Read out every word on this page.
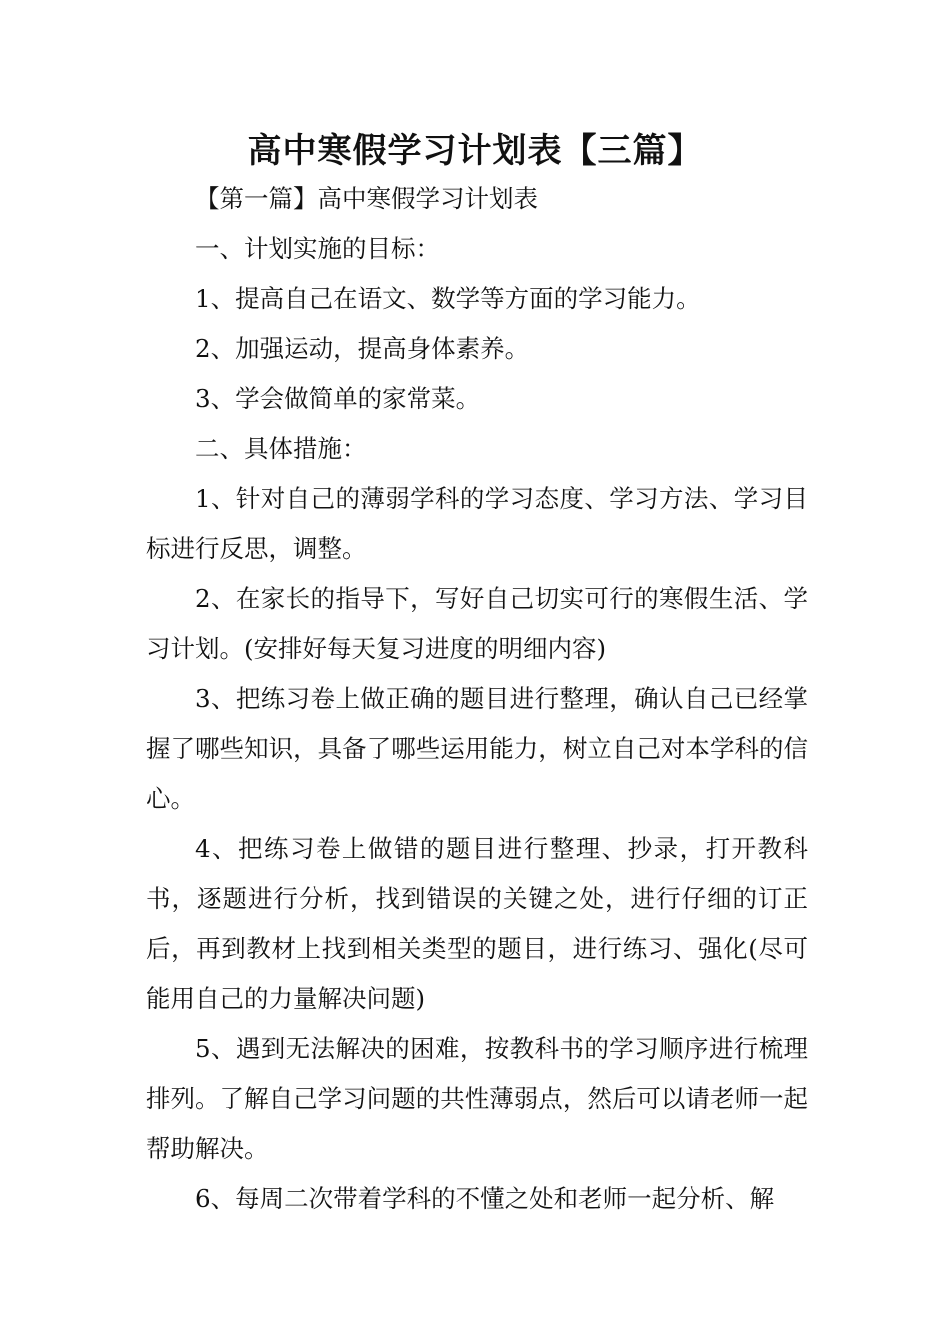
高中寒假学习计划表【三篇】

【第一篇】高中寒假学习计划表

一、计划实施的目标：

1、提高自己在语文、数学等方面的学习能力。

2、加强运动，提高身体素养。

3、学会做简单的家常菜。

二、具体措施：

1、针对自己的薄弱学科的学习态度、学习方法、学习目标进行反思，调整。

2、在家长的指导下，写好自己切实可行的寒假生活、学习计划。(安排好每天复习进度的明细内容)

3、把练习卷上做正确的题目进行整理，确认自己已经掌握了哪些知识，具备了哪些运用能力，树立自己对本学科的信心。

4、把练习卷上做错的题目进行整理、抄录，打开教科书，逐题进行分析，找到错误的关键之处，进行仔细的订正后，再到教材上找到相关类型的题目，进行练习、强化(尽可能用自己的力量解决问题)

5、遇到无法解决的困难，按教科书的学习顺序进行梳理排列。了解自己学习问题的共性薄弱点，然后可以请老师一起帮助解决。

6、每周二次带着学科的不懂之处和老师一起分析、解
